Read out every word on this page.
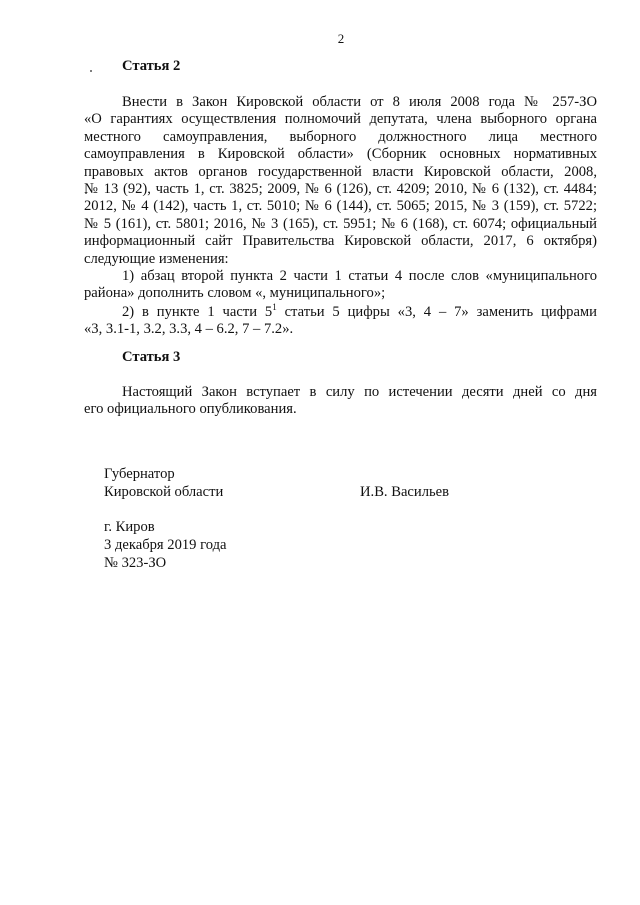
2
Статья 2
Внести в Закон Кировской области от 8 июля 2008 года № 257-ЗО
«О гарантиях осуществления полномочий депутата, члена выборного органа
местного самоуправления, выборного должностного лица местного
самоуправления в Кировской области» (Сборник основных нормативных
правовых актов органов государственной власти Кировской области, 2008,
№ 13 (92), часть 1, ст. 3825; 2009, № 6 (126), ст. 4209; 2010, № 6 (132), ст. 4484;
2012, № 4 (142), часть 1, ст. 5010; № 6 (144), ст. 5065; 2015, № 3 (159), ст. 5722;
№ 5 (161), ст. 5801; 2016, № 3 (165), ст. 5951; № 6 (168), ст. 6074; официальный
информационный сайт Правительства Кировской области, 2017, 6 октября)
следующие изменения:
1) абзац второй пункта 2 части 1 статьи 4 после слов «муниципального
района» дополнить словом «, муниципального»;
2) в пункте 1 части $5^1$ статьи 5 цифры «3, 4 – 7» заменить цифрами
«3, 3.1-1, 3.2, 3.3, 4 – 6.2, 7 – 7.2».
Статья 3
Настоящий Закон вступает в силу по истечении десяти дней со дня
его официального опубликования.
Губернатор
Кировской области	И.В. Васильев
г. Киров
3 декабря 2019 года
№ 323-ЗО
